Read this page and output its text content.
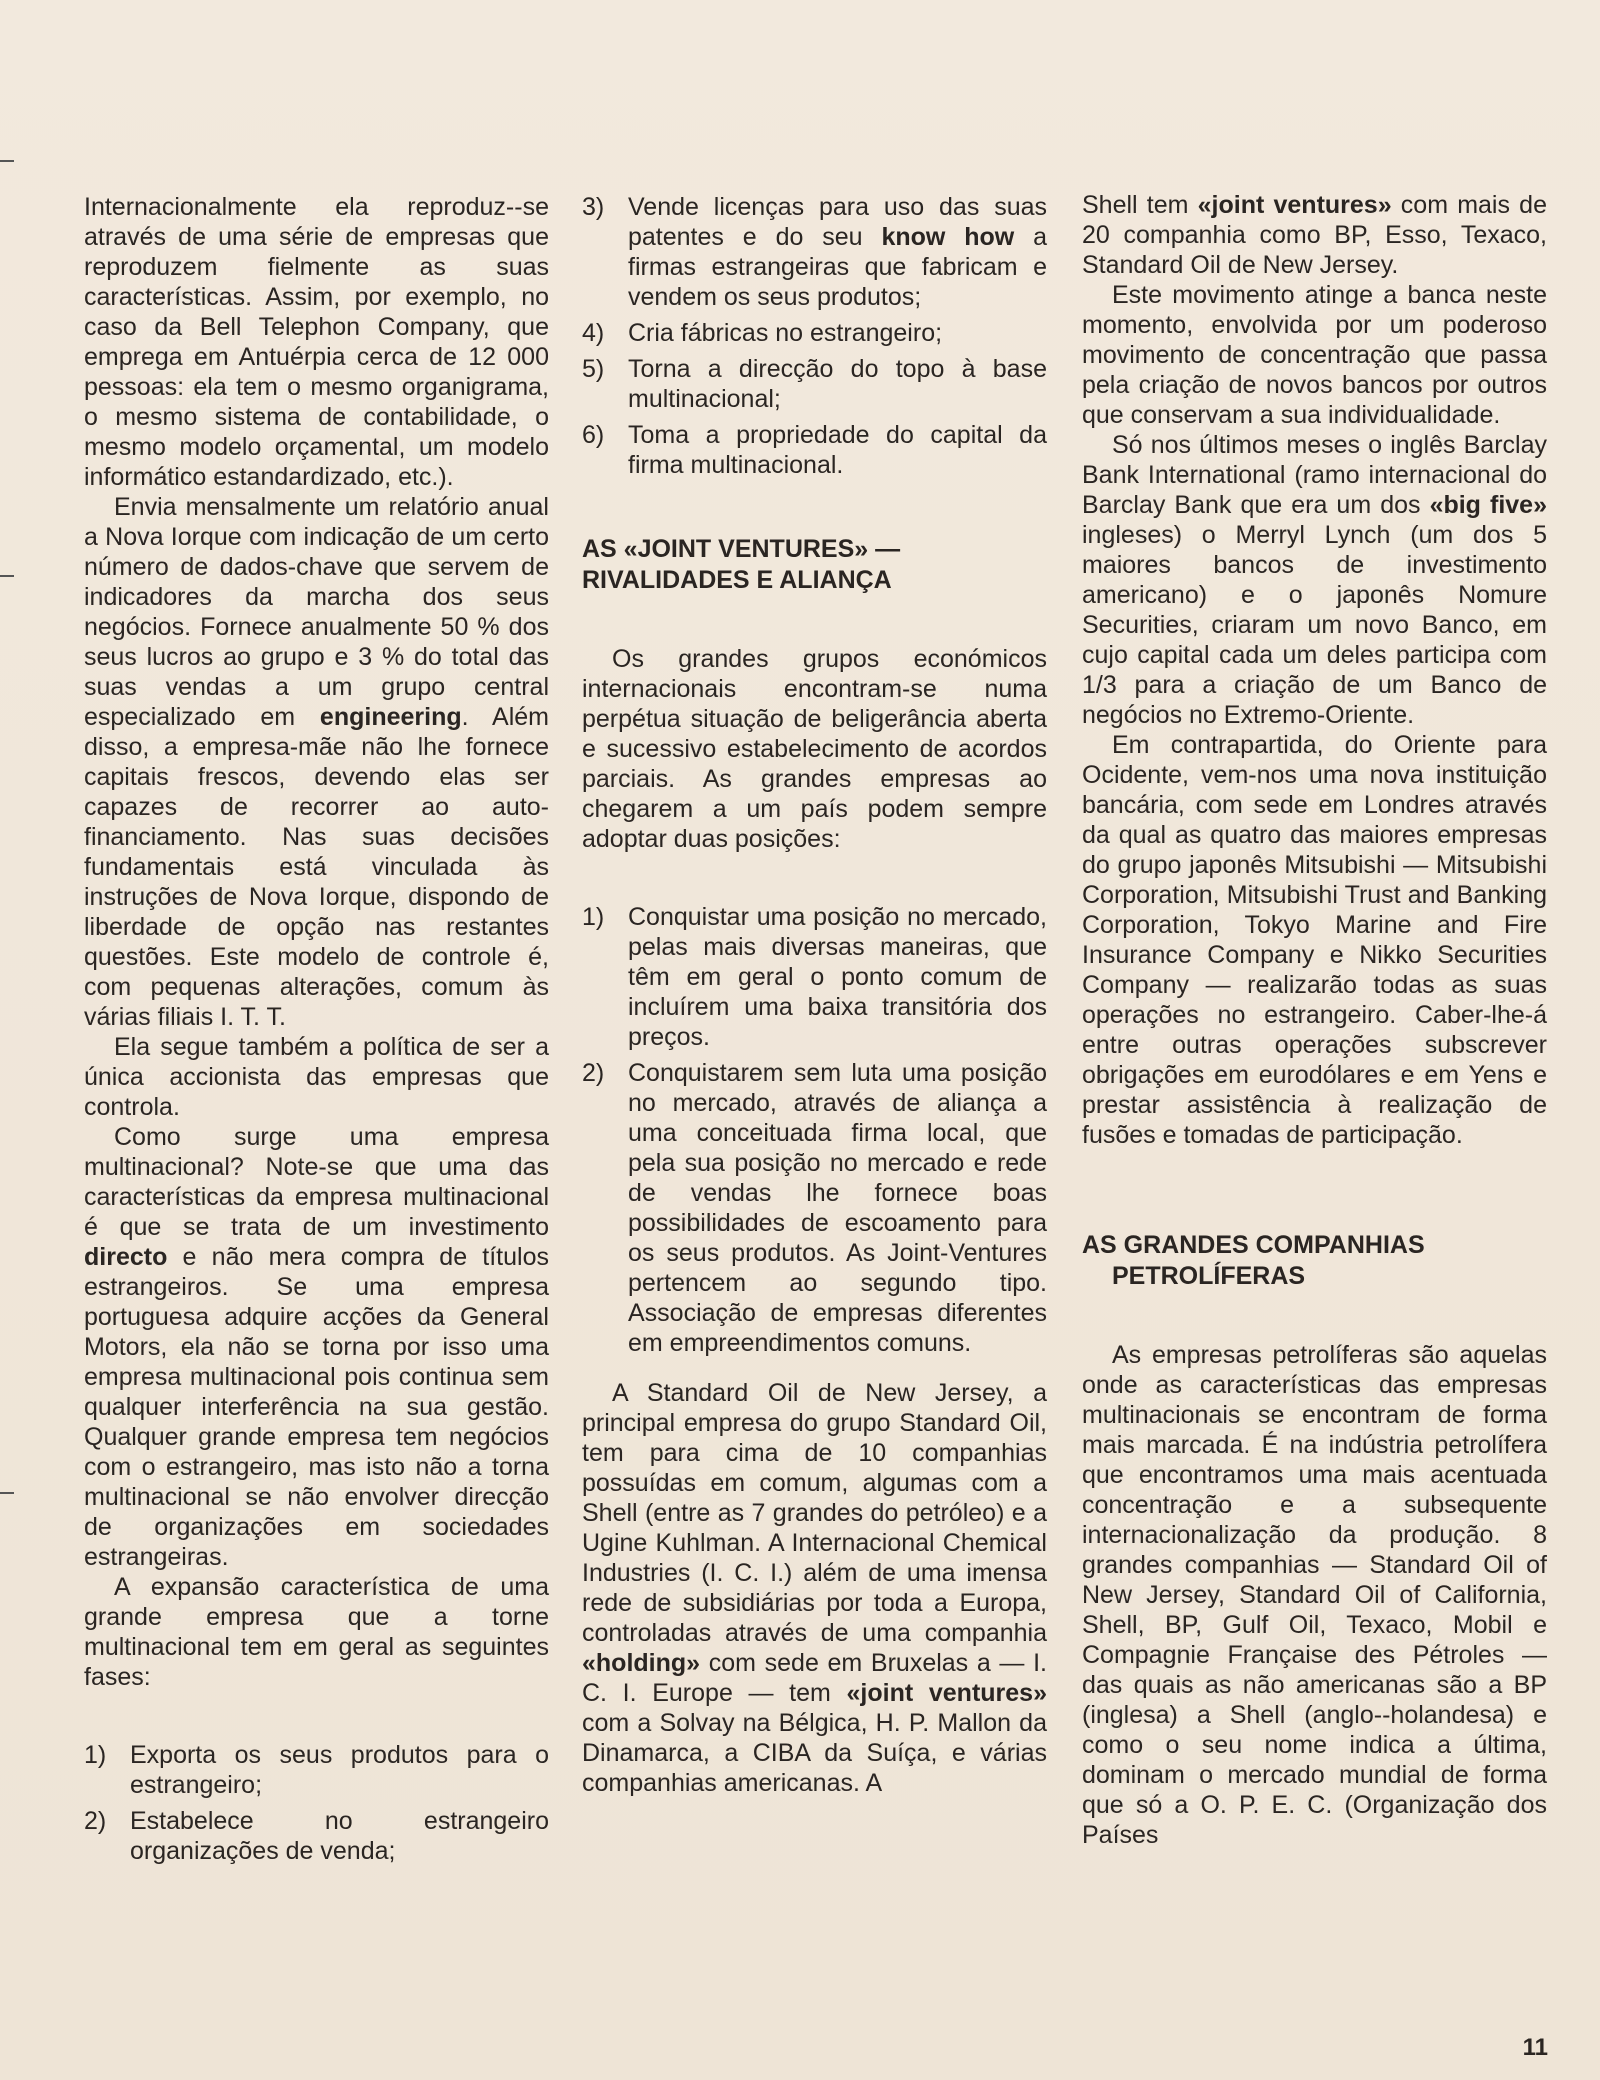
Internacionalmente ela reproduz--se através de uma série de empresas que reproduzem fielmente as suas características. Assim, por exemplo, no caso da Bell Telephon Company, que emprega em Antuérpia cerca de 12 000 pessoas: ela tem o mesmo organigrama, o mesmo sistema de contabilidade, o mesmo modelo orçamental, um modelo informático estandardizado, etc.).

Envia mensalmente um relatório anual a Nova Iorque com indicação de um certo número de dados-chave que servem de indicadores da marcha dos seus negócios. Fornece anualmente 50 % dos seus lucros ao grupo e 3 % do total das suas vendas a um grupo central especializado em engineering. Além disso, a empresa-mãe não lhe fornece capitais frescos, devendo elas ser capazes de recorrer ao auto-financiamento. Nas suas decisões fundamentais está vinculada às instruções de Nova Iorque, dispondo de liberdade de opção nas restantes questões. Este modelo de controle é, com pequenas alterações, comum às várias filiais I. T. T.

Ela segue também a política de ser a única accionista das empresas que controla.

Como surge uma empresa multinacional? Note-se que uma das características da empresa multinacional é que se trata de um investimento directo e não mera compra de títulos estrangeiros. Se uma empresa portuguesa adquire acções da General Motors, ela não se torna por isso uma empresa multinacional pois continua sem qualquer interferência na sua gestão. Qualquer grande empresa tem negócios com o estrangeiro, mas isto não a torna multinacional se não envolver direcção de organizações em sociedades estrangeiras.

A expansão característica de uma grande empresa que a torne multinacional tem em geral as seguintes fases:

1) Exporta os seus produtos para o estrangeiro;
2) Estabelece no estrangeiro organizações de venda;
3) Vende licenças para uso das suas patentes e do seu know how a firmas estrangeiras que fabricam e vendem os seus produtos;
4) Cria fábricas no estrangeiro;
5) Torna a direcção do topo à base multinacional;
6) Toma a propriedade do capital da firma multinacional.
AS «JOINT VENTURES» — RIVALIDADES E ALIANÇA

Os grandes grupos económicos internacionais encontram-se numa perpétua situação de beligerância aberta e sucessivo estabelecimento de acordos parciais. As grandes empresas ao chegarem a um país podem sempre adoptar duas posições:

1) Conquistar uma posição no mercado, pelas mais diversas maneiras, que têm em geral o ponto comum de incluírem uma baixa transitória dos preços.
2) Conquistarem sem luta uma posição no mercado, através de aliança a uma conceituada firma local, que pela sua posição no mercado e rede de vendas lhe fornece boas possibilidades de escoamento para os seus produtos. As Joint-Ventures pertencem ao segundo tipo. Associação de empresas diferentes em empreendimentos comuns.

A Standard Oil de New Jersey, a principal empresa do grupo Standard Oil, tem para cima de 10 companhias possuídas em comum, algumas com a Shell (entre as 7 grandes do petróleo) e a Ugine Kuhlman. A Internacional Chemical Industries (I. C. I.) além de uma imensa rede de subsidiárias por toda a Europa, controladas através de uma companhia «holding» com sede em Bruxelas a — I. C. I. Europe — tem «joint ventures» com a Solvay na Bélgica, H. P. Mallon da Dinamarca, a CIBA da Suíça, e várias companhias americanas. A

Shell tem «joint ventures» com mais de 20 companhia como BP, Esso, Texaco, Standard Oil de New Jersey.

Este movimento atinge a banca neste momento, envolvida por um poderoso movimento de concentração que passa pela criação de novos bancos por outros que conservam a sua individualidade.

Só nos últimos meses o inglês Barclay Bank International (ramo internacional do Barclay Bank que era um dos «big five» ingleses) o Merryl Lynch (um dos 5 maiores bancos de investimento americano) e o japonês Nomure Securities, criaram um novo Banco, em cujo capital cada um deles participa com 1/3 para a criação de um Banco de negócios no Extremo-Oriente.

Em contrapartida, do Oriente para Ocidente, vem-nos uma nova instituição bancária, com sede em Londres através da qual as quatro das maiores empresas do grupo japonês Mitsubishi — Mitsubishi Corporation, Mitsubishi Trust and Banking Corporation, Tokyo Marine and Fire Insurance Company e Nikko Securities Company — realizarão todas as suas operações no estrangeiro. Caber-lhe-á entre outras operações subscrever obrigações em eurodólares e em Yens e prestar assistência à realização de fusões e tomadas de participação.

AS GRANDES COMPANHIAS PETROLÍFERAS

As empresas petrolíferas são aquelas onde as características das empresas multinacionais se encontram de forma mais marcada. É na indústria petrolífera que encontramos uma mais acentuada concentração e a subsequente internacionalização da produção. 8 grandes companhias — Standard Oil of New Jersey, Standard Oil of California, Shell, BP, Gulf Oil, Texaco, Mobil e Compagnie Française des Pétroles — das quais as não americanas são a BP (inglesa) a Shell (anglo--holandesa) e como o seu nome indica a última, dominam o mercado mundial de forma que só a O. P. E. C. (Organização dos Países

11
